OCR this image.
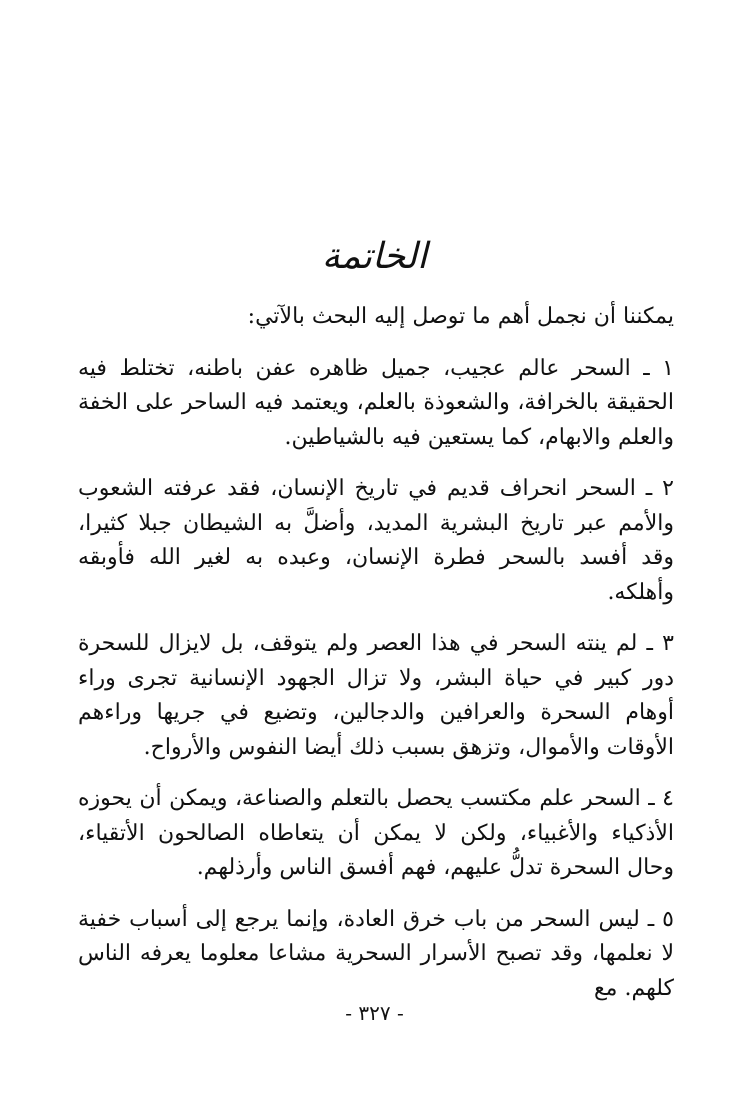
الخاتمة

يمكننا أن نجمل أهم ما توصل إليه البحث بالآتي:

١ ـ السحر عالم عجيب، جميل ظاهره عفن باطنه، تختلط فيه الحقيقة بالخرافة، والشعوذة بالعلم، ويعتمد فيه الساحر على الخفة والعلم والابهام، كما يستعين فيه بالشياطين.

٢ ـ السحر انحراف قديم في تاريخ الإنسان، فقد عرفته الشعوب والأمم عبر تاريخ البشرية المديد، وأضلَّ به الشيطان جبلا كثيرا، وقد أفسد بالسحر فطرة الإنسان، وعبده به لغير الله فأوبقه وأهلكه.

٣ ـ لم ينته السحر في هذا العصر ولم يتوقف، بل لايزال للسحرة دور كبير في حياة البشر، ولا تزال الجهود الإنسانية تجرى وراء أوهام السحرة والعرافين والدجالين، وتضيع في جريها وراءهم الأوقات والأموال، وتزهق بسبب ذلك أيضا النفوس والأرواح.

٤ ـ السحر علم مكتسب يحصل بالتعلم والصناعة، ويمكن أن يحوزه الأذكياء والأغبياء، ولكن لا يمكن أن يتعاطاه الصالحون الأتقياء، وحال السحرة تدلُّ عليهم، فهم أفسق الناس وأرذلهم.

٥ ـ ليس السحر من باب خرق العادة، وإنما يرجع إلى أسباب خفية لا نعلمها، وقد تصبح الأسرار السحرية مشاعا معلوما يعرفه الناس كلهم. مع

- ٣٢٧ -
